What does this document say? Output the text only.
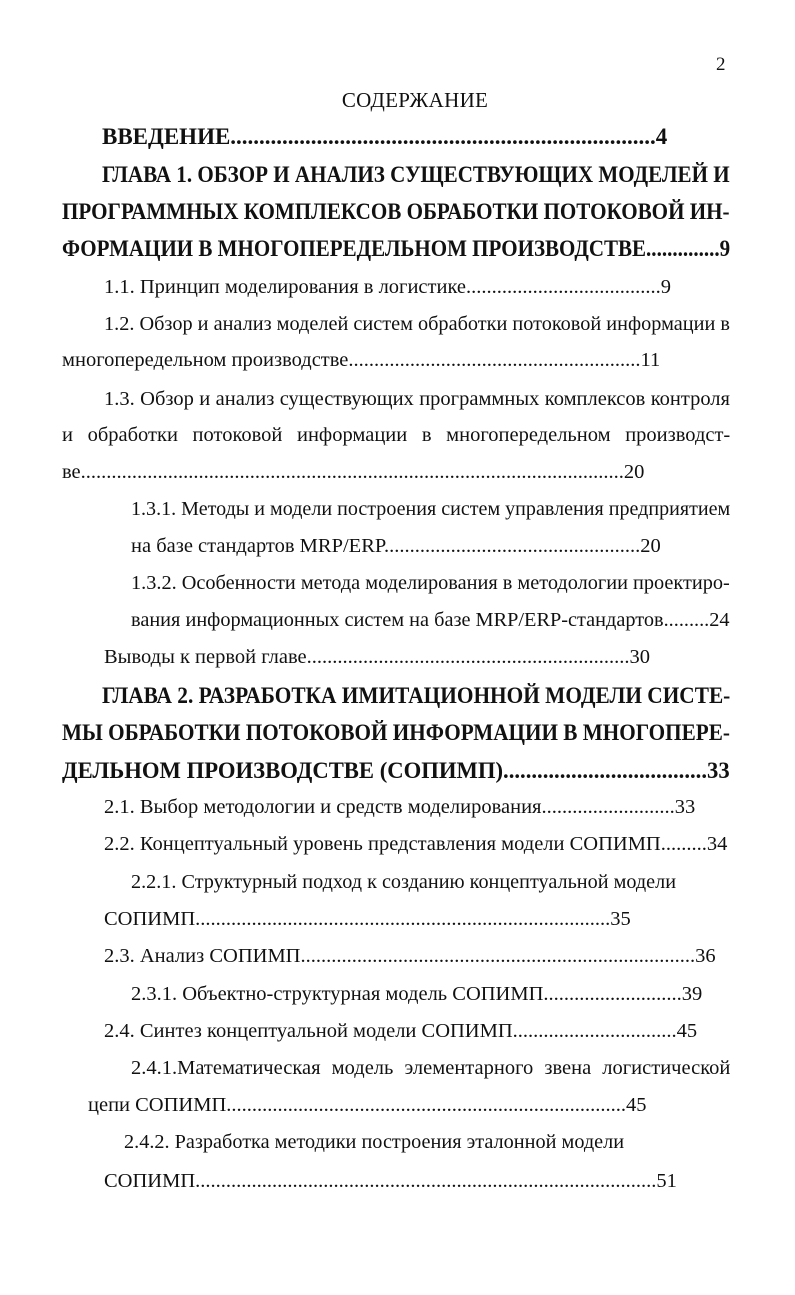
2
СОДЕРЖАНИЕ
ВВЕДЕНИЕ..........................................................................4
ГЛАВА 1. ОБЗОР И АНАЛИЗ СУЩЕСТВУЮЩИХ МОДЕЛЕЙ И
ПРОГРАММНЫХ КОМПЛЕКСОВ ОБРАБОТКИ ПОТОКОВОЙ ИН-
ФОРМАЦИИ В МНОГОПЕРЕДЕЛЬНОМ ПРОИЗВОДСТВЕ..............9
1.1. Принцип моделирования в логистике......................................9
1.2. Обзор и анализ моделей систем обработки потоковой информации в
многопередельном производстве.........................................................11
1.3. Обзор и анализ существующих программных комплексов контроля
и обработки потоковой информации в многопередельном производст-
ве..........................................................................................................20
1.3.1. Методы и модели построения систем управления предприятием
на базе стандартов MRP/ERP..................................................20
1.3.2. Особенности метода моделирования в методологии проектиро-
вания информационных систем на базе MRP/ERP-стандартов.........24
Выводы к первой главе...............................................................30
ГЛАВА 2. РАЗРАБОТКА ИМИТАЦИОННОЙ МОДЕЛИ СИСТЕ-
МЫ ОБРАБОТКИ ПОТОКОВОЙ ИНФОРМАЦИИ В МНОГОПЕРЕ-
ДЕЛЬНОМ ПРОИЗВОДСТВЕ (СОПИМП)....................................33
2.1. Выбор методологии и средств моделирования..........................33
2.2. Концептуальный уровень представления модели СОПИМП.........34
2.2.1. Структурный подход к созданию концептуальной модели
СОПИМП.................................................................................35
2.3. Анализ СОПИМП.............................................................................36
2.3.1. Объектно-структурная модель СОПИМП...........................39
2.4. Синтез концептуальной модели СОПИМП................................45
2.4.1.Математическая модель элементарного звена логистической
цепи СОПИМП..............................................................................45
2.4.2. Разработка методики построения эталонной модели
СОПИМП..........................................................................................51
